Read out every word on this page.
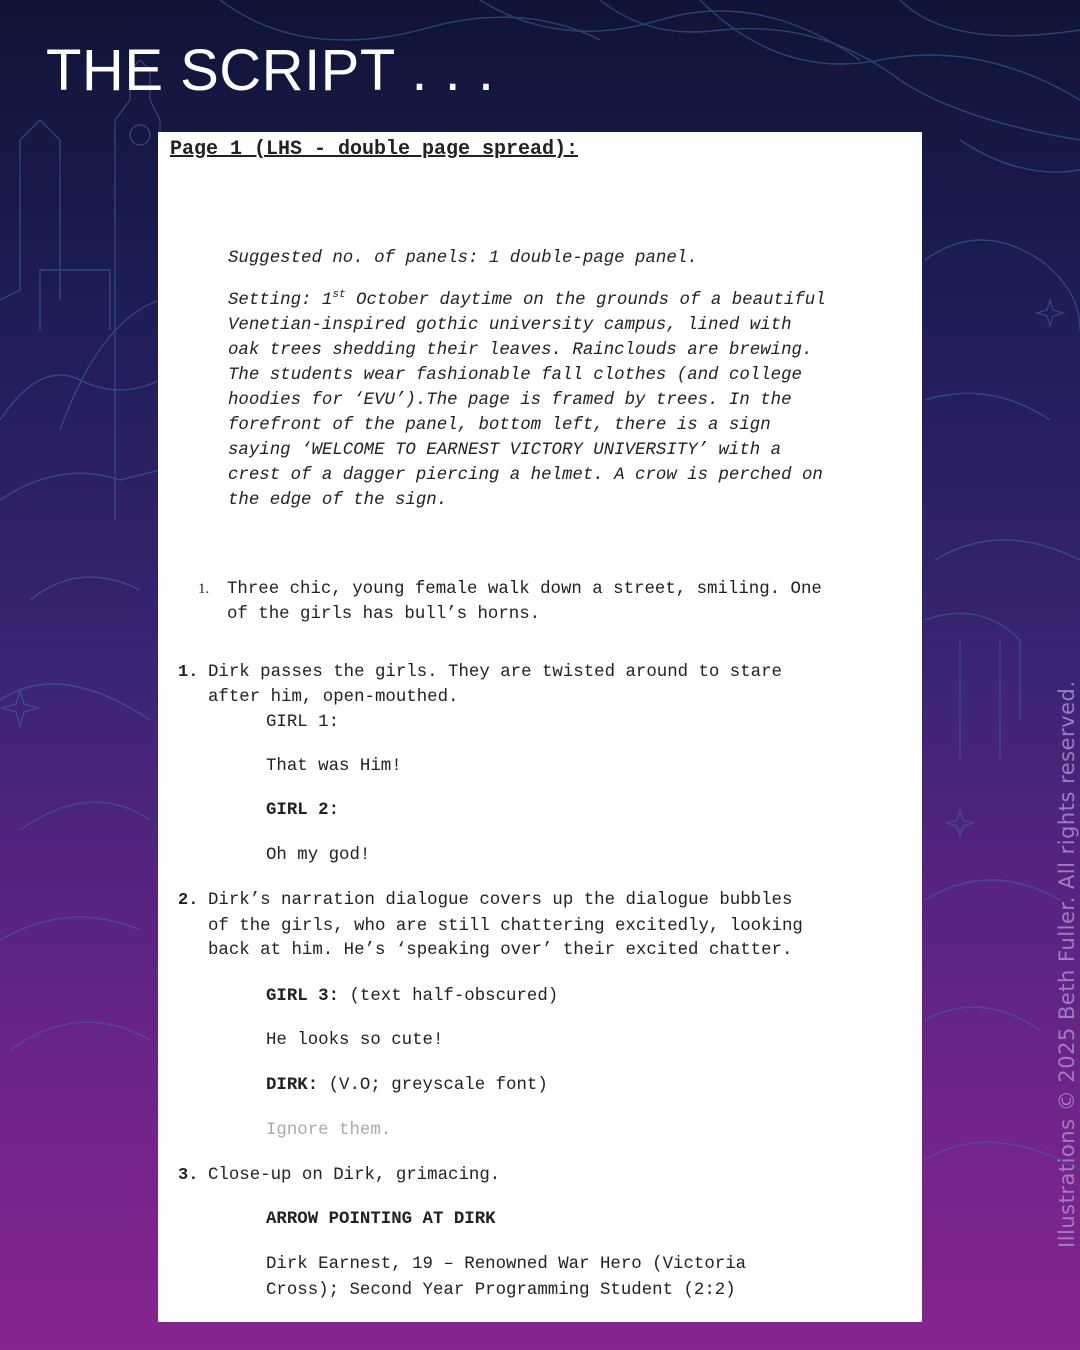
THE SCRIPT . . .
Illustrations © 2025 Beth Fuller. All rights reserved.

Page 1 (LHS - double page spread):

Suggested no. of panels: 1 double-page panel.

Setting: 1st October daytime on the grounds of a beautiful
Venetian-inspired gothic university campus, lined with
oak trees shedding their leaves. Rainclouds are brewing.
The students wear fashionable fall clothes (and college
hoodies for ‘EVU’).The page is framed by trees. In the
forefront of the panel, bottom left, there is a sign
saying ‘WELCOME TO EARNEST VICTORY UNIVERSITY’ with a
crest of a dagger piercing a helmet. A crow is perched on
the edge of the sign.
1. Three chic, young female walk down a street, smiling. One

of the girls has bull’s horns.

1. Dirk passes the girls. They are twisted around to stare

after him, open-mouthed.

GIRL 1:

That was Him!

GIRL 2:

Oh my god!

2. Dirk’s narration dialogue covers up the dialogue bubbles

of the girls, who are still chattering excitedly, looking

back at him. He’s ‘speaking over’ their excited chatter.

GIRL 3: (text half-obscured)

He looks so cute!

DIRK: (V.O; greyscale font)

Ignore them.

3. Close-up on Dirk, grimacing.

ARROW POINTING AT DIRK

Dirk Earnest, 19 – Renowned War Hero (Victoria

Cross); Second Year Programming Student (2:2)
